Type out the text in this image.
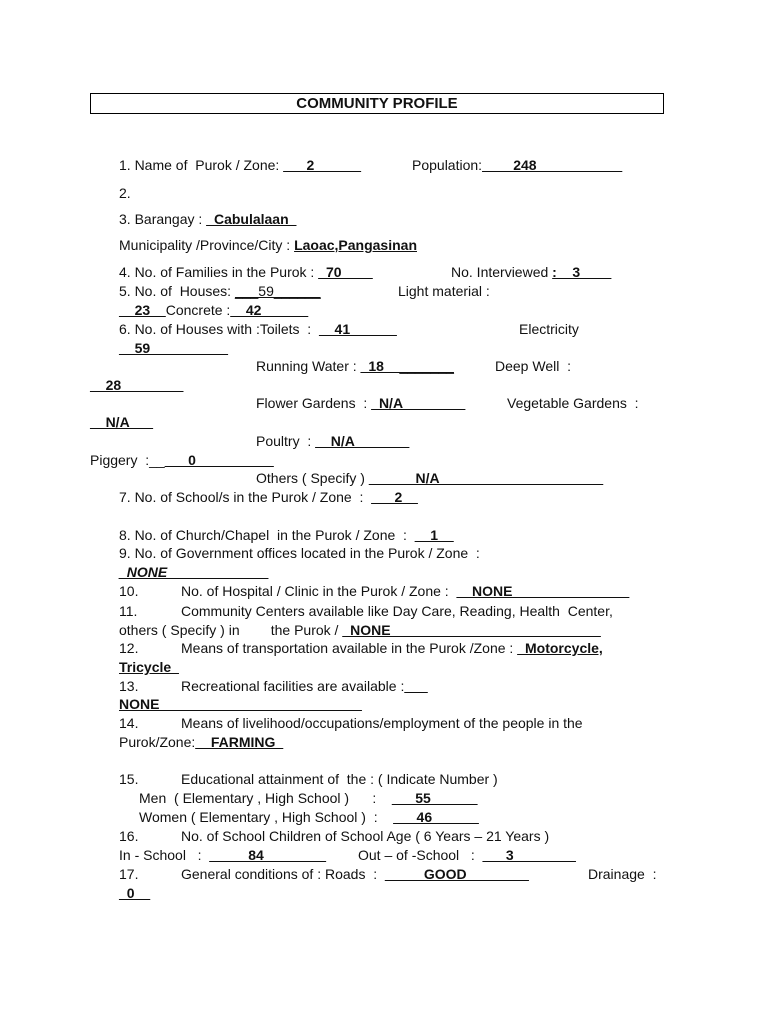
COMMUNITY PROFILE
1. Name of  Purok / Zone: ___2______	Population:____248___________
2.
3. Barangay : _Cabulalaan_
Municipality /Province/City : Laoac,Pangasinan
4. No. of Families in the Purok : _70____	No. Interviewed :__3____
5. No. of  Houses: ___59______	Light material :
__23__Concrete :__42______
6. No. of Houses with :Toilets  :  __41______	Electricity
__59__________
Running Water : _18_________	Deep Well  :
__28________
Flower Gardens  : _N/A________	Vegetable Gardens  :
__N/A___
Poultry  : __N/A_______
Piggery  :_____0__________
Others ( Specify ) ______N/A_____________________
7. No. of School/s in the Purok / Zone  :  ___2__
8. No. of Church/Chapel  in the Purok / Zone  :  __1__
9. No. of Government offices located in the Purok / Zone  :
_NONE_____________
10.	No. of Hospital / Clinic in the Purok / Zone :  __NONE_______________
11.	Community Centers available like Day Care, Reading, Health  Center,
others ( Specify ) in        the Purok / _NONE___________________________
12.	Means of transportation available in the Purok /Zone : _Motorcycle,
Tricycle_
13.	Recreational facilities are available :___
NONE__________________________
14.	Means of livelihood/occupations/employment of the people in the
Purok/Zone:__FARMING_
15.	Educational attainment of  the : ( Indicate Number )
Men  ( Elementary , High School )      :    ___55______
Women ( Elementary , High School )  :    ___46______
16.	No. of School Children of School Age ( 6 Years – 21 Years )
In - School   :  _____84________ Out – of -School   :  ___3________
17.	General conditions of : Roads  :  _____GOOD________	Drainage  :
_0__
